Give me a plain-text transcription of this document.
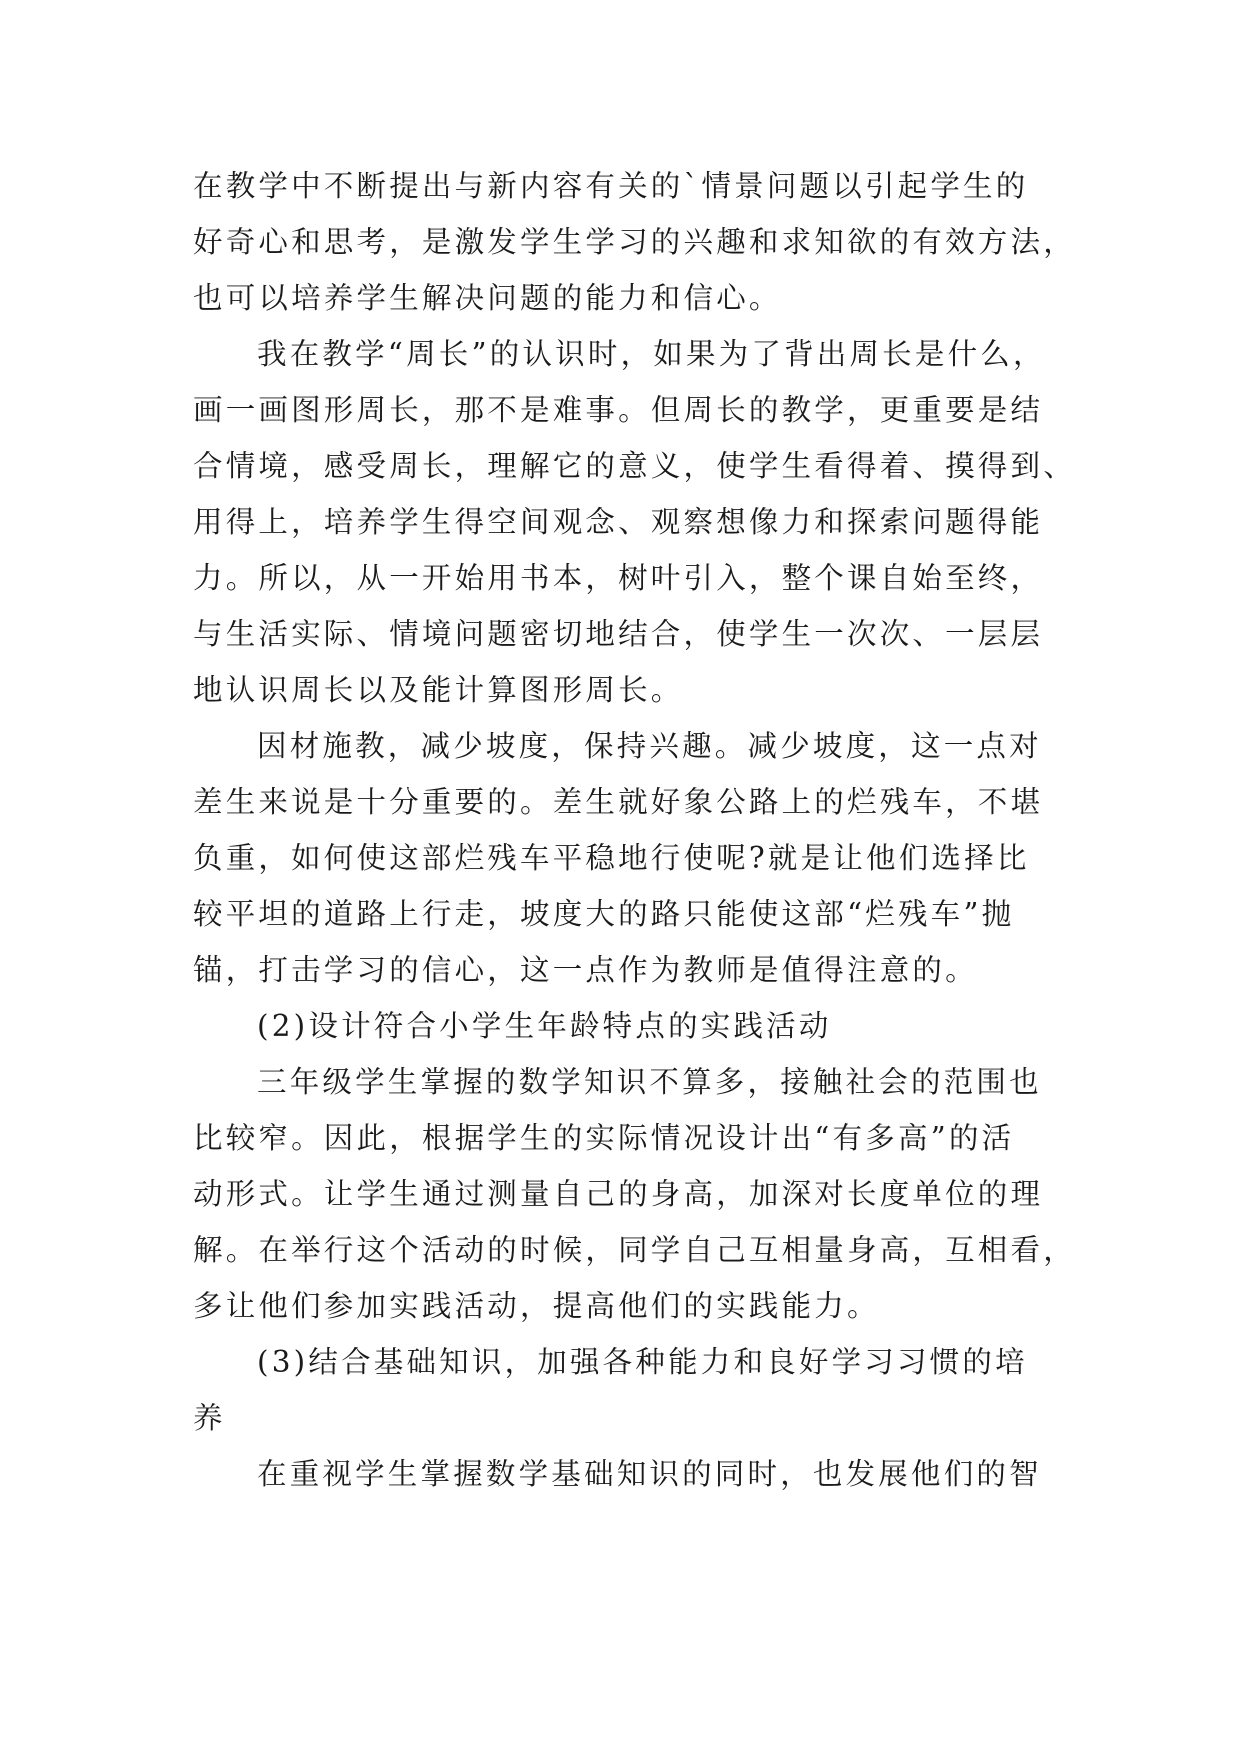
在教学中不断提出与新内容有关的`情景问题以引起学生的
好奇心和思考，是激发学生学习的兴趣和求知欲的有效方法，
也可以培养学生解决问题的能力和信心。
我在教学“周长”的认识时，如果为了背出周长是什么，
画一画图形周长，那不是难事。但周长的教学，更重要是结
合情境，感受周长，理解它的意义，使学生看得着、摸得到、
用得上，培养学生得空间观念、观察想像力和探索问题得能
力。所以，从一开始用书本，树叶引入，整个课自始至终，
与生活实际、情境问题密切地结合，使学生一次次、一层层
地认识周长以及能计算图形周长。
因材施教，减少坡度，保持兴趣。减少坡度，这一点对
差生来说是十分重要的。差生就好象公路上的烂残车，不堪
负重，如何使这部烂残车平稳地行使呢?就是让他们选择比
较平坦的道路上行走，坡度大的路只能使这部“烂残车”抛
锚，打击学习的信心，这一点作为教师是值得注意的。
(2)设计符合小学生年龄特点的实践活动
三年级学生掌握的数学知识不算多，接触社会的范围也
比较窄。因此，根据学生的实际情况设计出“有多高”的活
动形式。让学生通过测量自己的身高，加深对长度单位的理
解。在举行这个活动的时候，同学自己互相量身高，互相看，
多让他们参加实践活动，提高他们的实践能力。
(3)结合基础知识，加强各种能力和良好学习习惯的培
养
在重视学生掌握数学基础知识的同时，也发展他们的智
